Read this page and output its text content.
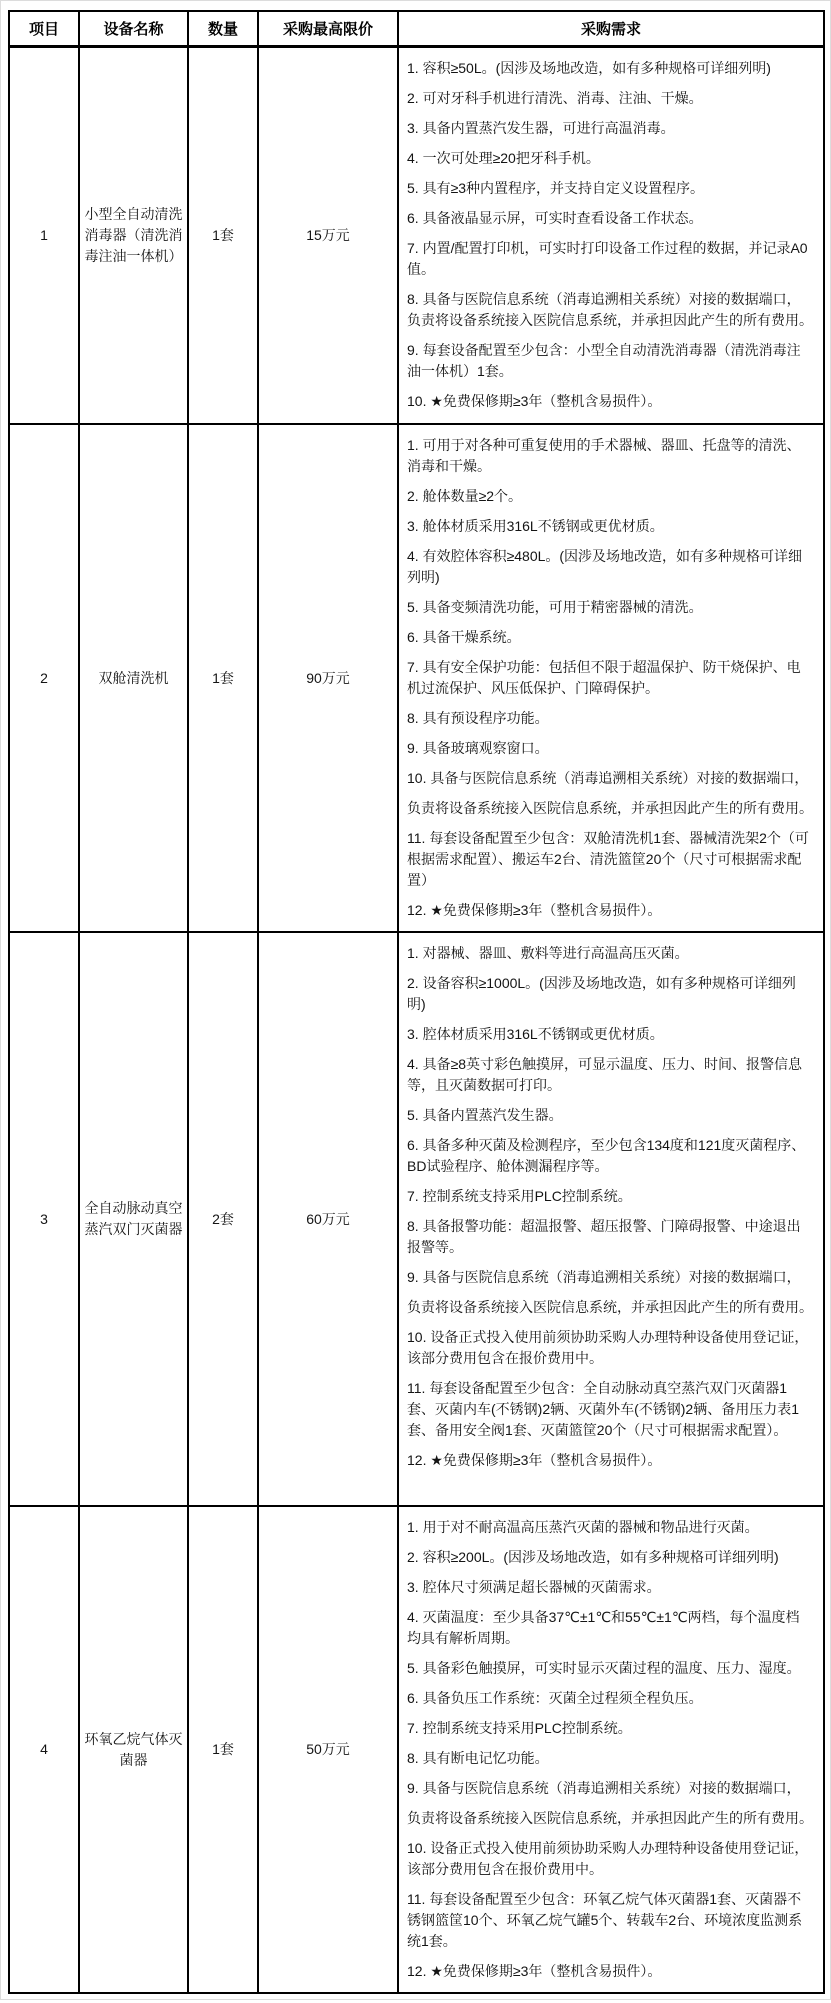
项目	设备名称	数量	采购最高限价	采购需求
1	小型全自动清洗消毒器（清洗消毒注油一体机）	1套	15万元	

1. 容积≥50L。(因涉及场地改造，如有多种规格可详细列明)

2. 可对牙科手机进行清洗、消毒、注油、干燥。

3. 具备内置蒸汽发生器，可进行高温消毒。

4. 一次可处理≥20把牙科手机。

5. 具有≥3种内置程序，并支持自定义设置程序。

6. 具备液晶显示屏，可实时查看设备工作状态。

7. 内置/配置打印机，可实时打印设备工作过程的数据，并记录A0值。

8. 具备与医院信息系统（消毒追溯相关系统）对接的数据端口，负责将设备系统接入医院信息系统，并承担因此产生的所有费用。

9. 每套设备配置至少包含：小型全自动清洗消毒器（清洗消毒注油一体机）1套。

10. ★免费保修期≥3年（整机含易损件）。

2	双舱清洗机	1套	90万元	

1. 可用于对各种可重复使用的手术器械、器皿、托盘等的清洗、消毒和干燥。

2. 舱体数量≥2个。

3. 舱体材质采用316L不锈钢或更优材质。

4. 有效腔体容积≥480L。(因涉及场地改造，如有多种规格可详细列明)

5. 具备变频清洗功能，可用于精密器械的清洗。

6. 具备干燥系统。

7. 具有安全保护功能：包括但不限于超温保护、防干烧保护、电机过流保护、风压低保护、门障碍保护。

8. 具有预设程序功能。

9. 具备玻璃观察窗口。

10. 具备与医院信息系统（消毒追溯相关系统）对接的数据端口，

负责将设备系统接入医院信息系统，并承担因此产生的所有费用。

11. 每套设备配置至少包含：双舱清洗机1套、器械清洗架2个（可根据需求配置）、搬运车2台、清洗篮筐20个（尺寸可根据需求配置）

12. ★免费保修期≥3年（整机含易损件）。

3	全自动脉动真空蒸汽双门灭菌器	2套	60万元	

1. 对器械、器皿、敷料等进行高温高压灭菌。

2. 设备容积≥1000L。(因涉及场地改造，如有多种规格可详细列明)

3. 腔体材质采用316L不锈钢或更优材质。

4. 具备≥8英寸彩色触摸屏，可显示温度、压力、时间、报警信息等，且灭菌数据可打印。

5. 具备内置蒸汽发生器。

6. 具备多种灭菌及检测程序，至少包含134度和121度灭菌程序、BD试验程序、舱体测漏程序等。

7. 控制系统支持采用PLC控制系统。

8. 具备报警功能：超温报警、超压报警、门障碍报警、中途退出报警等。

9. 具备与医院信息系统（消毒追溯相关系统）对接的数据端口，

负责将设备系统接入医院信息系统，并承担因此产生的所有费用。

10. 设备正式投入使用前须协助采购人办理特种设备使用登记证，该部分费用包含在报价费用中。

11. 每套设备配置至少包含：全自动脉动真空蒸汽双门灭菌器1套、灭菌内车(不锈钢)2辆、灭菌外车(不锈钢)2辆、备用压力表1套、备用安全阀1套、灭菌篮筐20个（尺寸可根据需求配置）。

12. ★免费保修期≥3年（整机含易损件）。

4	环氧乙烷气体灭菌器	1套	50万元	

1. 用于对不耐高温高压蒸汽灭菌的器械和物品进行灭菌。

2. 容积≥200L。(因涉及场地改造，如有多种规格可详细列明)

3. 腔体尺寸须满足超长器械的灭菌需求。

4. 灭菌温度：至少具备37℃±1℃和55℃±1℃两档，每个温度档均具有解析周期。

5. 具备彩色触摸屏，可实时显示灭菌过程的温度、压力、湿度。

6. 具备负压工作系统：灭菌全过程须全程负压。

7. 控制系统支持采用PLC控制系统。

8. 具有断电记忆功能。

9. 具备与医院信息系统（消毒追溯相关系统）对接的数据端口，

负责将设备系统接入医院信息系统，并承担因此产生的所有费用。

10. 设备正式投入使用前须协助采购人办理特种设备使用登记证，该部分费用包含在报价费用中。

11. 每套设备配置至少包含：环氧乙烷气体灭菌器1套、灭菌器不锈钢篮筐10个、环氧乙烷气罐5个、转载车2台、环境浓度监测系统1套。

12. ★免费保修期≥3年（整机含易损件）。
